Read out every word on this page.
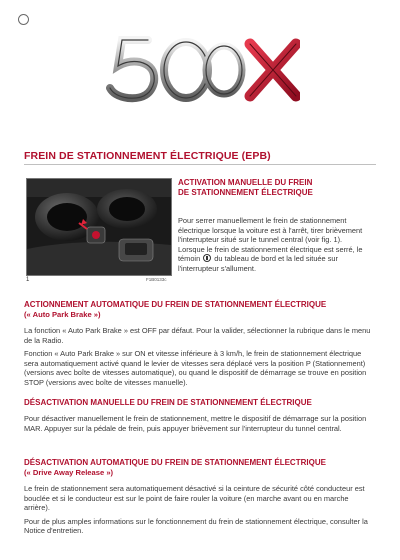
FREIN DE STATIONNEMENT ÉLECTRIQUE (EPB)
1	F1B0133c

ACTIVATION MANUELLE DU FREIN

DE STATIONNEMENT ÉLECTRIQUE

Pour serrer manuellement le frein de stationnement électrique lorsque la voiture est à l'arrêt, tirer brièvement l'interrupteur situé sur le tunnel central (voir fig. 1).

Lorsque le frein de stationnement électrique est serré, le témoin  du tableau de bord et la led située sur l'interrupteur s'allument.

ACTIONNEMENT AUTOMATIQUE DU FREIN DE STATIONNEMENT ÉLECTRIQUE

(« Auto Park Brake »)

La fonction « Auto Park Brake » est OFF par défaut. Pour la valider, sélectionner la rubrique dans le menu de la Radio.

Fonction « Auto Park Brake » sur ON et vitesse inférieure à 3 km/h, le frein de stationnement électrique sera automatiquement activé quand le levier de vitesses sera déplacé vers la position P (Stationnement) (versions avec boîte de vitesses automatique), ou quand le dispositif de démarrage se trouve en position STOP (versions avec boîte de vitesses manuelle).

DÉSACTIVATION MANUELLE DU FREIN DE STATIONNEMENT ÉLECTRIQUE

Pour désactiver manuellement le frein de stationnement, mettre le dispositif de démarrage sur la position MAR. Appuyer sur la pédale de frein, puis appuyer brièvement sur l'interrupteur du tunnel central.

DÉSACTIVATION AUTOMATIQUE DU FREIN DE STATIONNEMENT ÉLECTRIQUE

(« Drive Away Release »)

Le frein de stationnement sera automatiquement désactivé si la ceinture de sécurité côté conducteur est bouclée et si le conducteur est sur le point de faire rouler la voiture (en marche avant ou en marche arrière).

Pour de plus amples informations sur le fonctionnement du frein de stationnement électrique, consulter la Notice d'entretien.
